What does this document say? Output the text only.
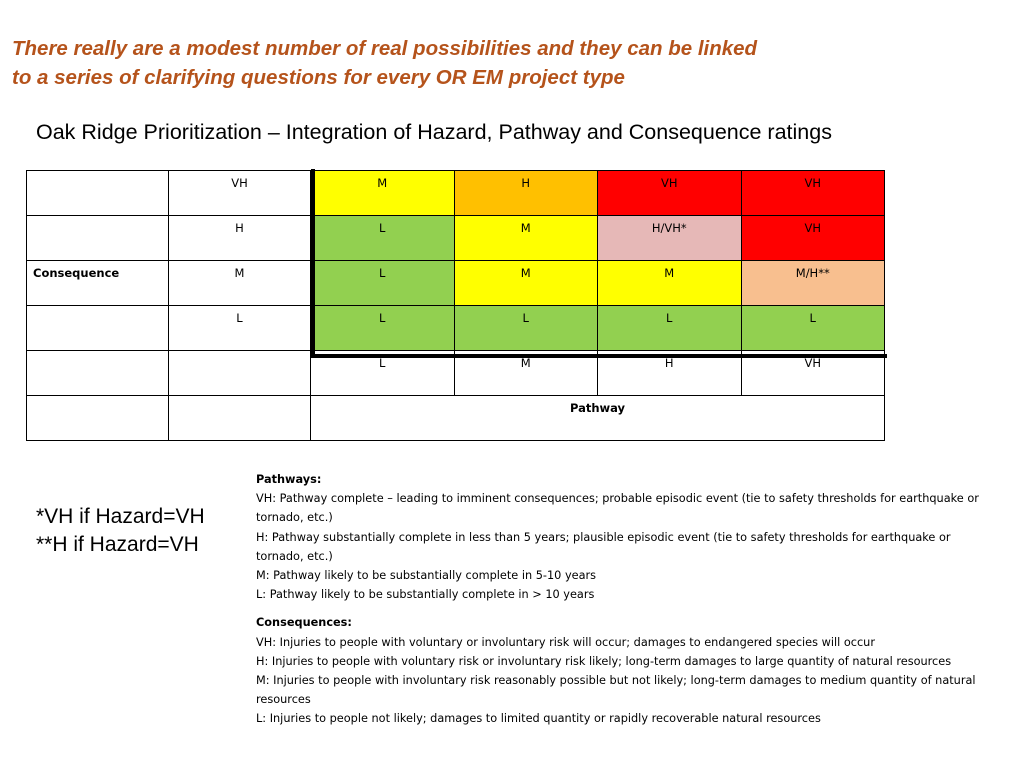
There really are a modest number of real possibilities and they can be linked
to a series of clarifying questions for every OR EM project type
Oak Ridge Prioritization – Integration of Hazard, Pathway and Consequence ratings
	VH	M	H	VH	VH
	H	L	M	H/VH*	VH
Consequence	M	L	M	M	M/H**
	L	L	L	L	L
		L	M	H	VH
		Pathway			
*VH if Hazard=VH
**H if Hazard=VH
Pathways:
VH: Pathway complete – leading to imminent consequences; probable episodic event (tie to safety thresholds for earthquake or tornado, etc.)
H: Pathway substantially complete in less than 5 years; plausible episodic event (tie to safety thresholds for earthquake or tornado, etc.)
M: Pathway likely to be substantially complete in 5-10 years
L: Pathway likely to be substantially complete in > 10 years
Consequences:
VH: Injuries to people with voluntary or involuntary risk will occur; damages to endangered species will occur
H: Injuries to people with voluntary risk or involuntary risk likely; long-term damages to large quantity of natural resources
M: Injuries to people with involuntary risk reasonably possible but not likely; long-term damages to medium quantity of natural resources
L: Injuries to people not likely; damages to limited quantity or rapidly recoverable natural resources
